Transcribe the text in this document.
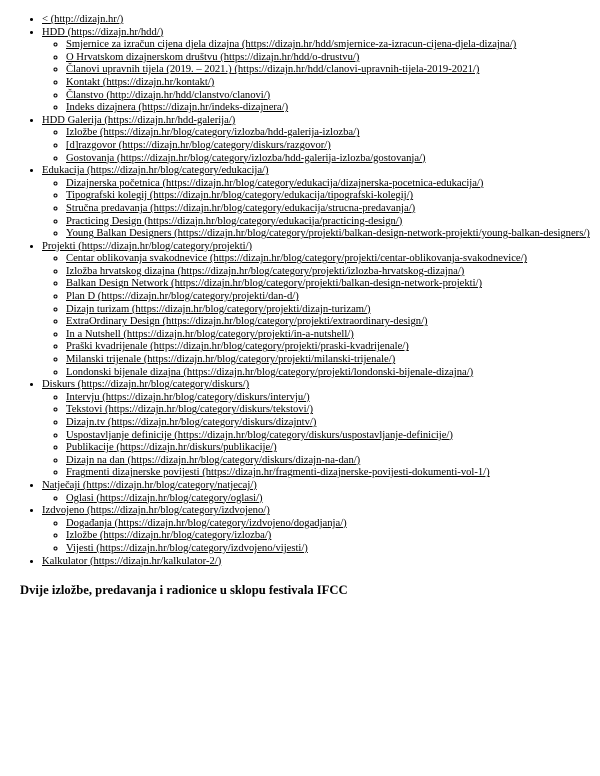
• < (http://dizajn.hr/)
• HDD (https://dizajn.hr/hdd/)
◦ Smjernice za izračun cijena djela dizajna (https://dizajn.hr/hdd/smjernice-za-izracun-cijena-djela-dizajna/)
◦ O Hrvatskom dizajnerskom društvu (https://dizajn.hr/hdd/o-drustvu/)
◦ Članovi upravnih tijela (2019. – 2021.) (https://dizajn.hr/hdd/clanovi-upravnih-tijela-2019-2021/)
◦ Kontakt (https://dizajn.hr/kontakt/)
◦ Članstvo (http://dizajn.hr/hdd/clanstvo/clanovi/)
◦ Indeks dizajnera (https://dizajn.hr/indeks-dizajnera/)
• HDD Galerija (https://dizajn.hr/hdd-galerija/)
◦ Izložbe (https://dizajn.hr/blog/category/izlozba/hdd-galerija-izlozba/)
◦ [d]razgovor (https://dizajn.hr/blog/category/diskurs/razgovor/)
◦ Gostovanja (https://dizajn.hr/blog/category/izlozba/hdd-galerija-izlozba/gostovanja/)
• Edukacija (https://dizajn.hr/blog/category/edukacija/)
◦ Dizajnerska početnica (https://dizajn.hr/blog/category/edukacija/dizajnerska-pocetnica-edukacija/)
◦ Tipografski kolegij (https://dizajn.hr/blog/category/edukacija/tipografski-kolegij/)
◦ Stručna predavanja (https://dizajn.hr/blog/category/edukacija/strucna-predavanja/)
◦ Practicing Design (https://dizajn.hr/blog/category/edukacija/practicing-design/)
◦ Young Balkan Designers (https://dizajn.hr/blog/category/projekti/balkan-design-network-projekti/young-balkan-designers/)
• Projekti (https://dizajn.hr/blog/category/projekti/)
◦ Centar oblikovanja svakodnevice (https://dizajn.hr/blog/category/projekti/centar-oblikovanja-svakodnevice/)
◦ Izložba hrvatskog dizajna (https://dizajn.hr/blog/category/projekti/izlozba-hrvatskog-dizajna/)
◦ Balkan Design Network (https://dizajn.hr/blog/category/projekti/balkan-design-network-projekti/)
◦ Plan D (https://dizajn.hr/blog/category/projekti/dan-d/)
◦ Dizajn turizam (https://dizajn.hr/blog/category/projekti/dizajn-turizam/)
◦ ExtraOrdinary Design (https://dizajn.hr/blog/category/projekti/extraordinary-design/)
◦ In a Nutshell (https://dizajn.hr/blog/category/projekti/in-a-nutshell/)
◦ Praški kvadrijenale (https://dizajn.hr/blog/category/projekti/praski-kvadrijenale/)
◦ Milanski trijenale (https://dizajn.hr/blog/category/projekti/milanski-trijenale/)
◦ Londonski bijenale dizajna (https://dizajn.hr/blog/category/projekti/londonski-bijenale-dizajna/)
• Diskurs (https://dizajn.hr/blog/category/diskurs/)
◦ Intervju (https://dizajn.hr/blog/category/diskurs/intervju/)
◦ Tekstovi (https://dizajn.hr/blog/category/diskurs/tekstovi/)
◦ Dizajn.tv (https://dizajn.hr/blog/category/diskurs/dizajntv/)
◦ Uspostavljanje definicije (https://dizajn.hr/blog/category/diskurs/uspostavljanje-definicije/)
◦ Publikacije (https://dizajn.hr/diskurs/publikacije/)
◦ Dizajn na dan (https://dizajn.hr/blog/category/diskurs/dizajn-na-dan/)
◦ Fragmenti dizajnerske povijesti (https://dizajn.hr/fragmenti-dizajnerske-povijesti-dokumenti-vol-1/)
• Natječaji (https://dizajn.hr/blog/category/natjecaj/)
◦ Oglasi (https://dizajn.hr/blog/category/oglasi/)
• Izdvojeno (https://dizajn.hr/blog/category/izdvojeno/)
◦ Događanja (https://dizajn.hr/blog/category/izdvojeno/dogadjanja/)
◦ Izložbe (https://dizajn.hr/blog/category/izlozba/)
◦ Vijesti (https://dizajn.hr/blog/category/izdvojeno/vijesti/)
• Kalkulator (https://dizajn.hr/kalkulator-2/)
Dvije izložbe, predavanja i radionice u sklopu festivala IFCC
